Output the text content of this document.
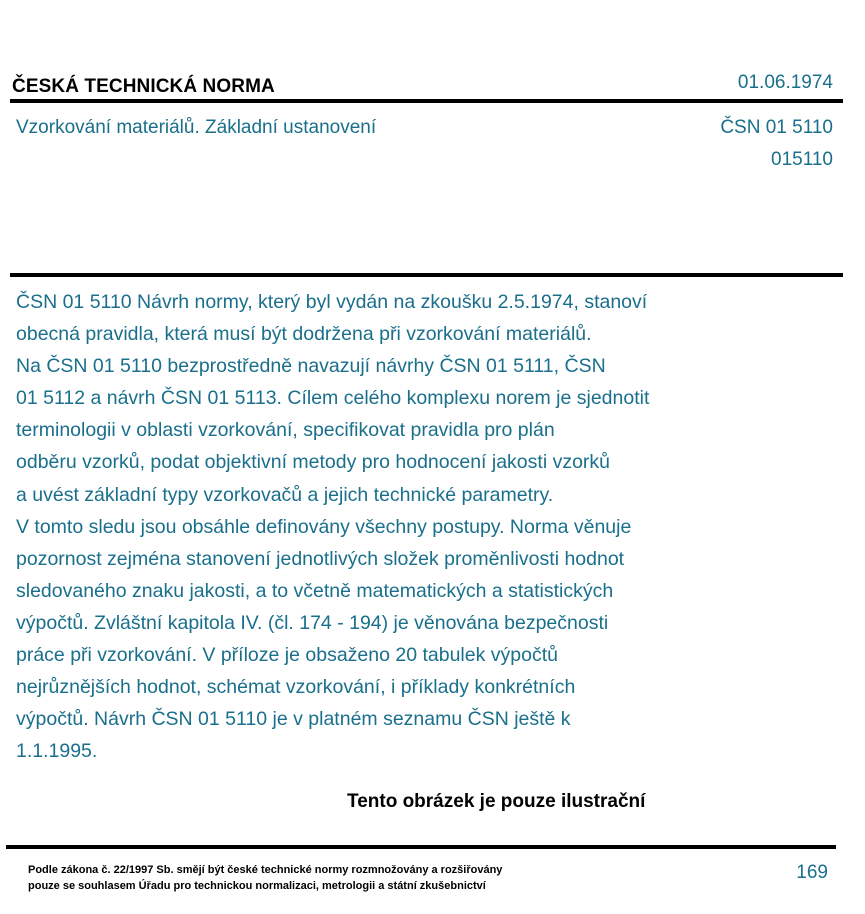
ČESKÁ TECHNICKÁ NORMA	01.06.1974
Vzorkování materiálů. Základní ustanovení	ČSN 01 5110
015110
ČSN 01 5110 Návrh normy, který byl vydán na zkoušku 2.5.1974, stanoví
obecná pravidla, která musí být dodržena při vzorkování materiálů.
Na ČSN 01 5110 bezprostředně navazují návrhy ČSN 01 5111, ČSN
01 5112 a návrh ČSN 01 5113. Cílem celého komplexu norem je sjednotit
terminologii v oblasti vzorkování, specifikovat pravidla pro plán
odběru vzorků, podat objektivní metody pro hodnocení jakosti vzorků
a uvést základní typy vzorkovačů a jejich technické parametry.
V tomto sledu jsou obsáhle definovány všechny postupy. Norma věnuje
pozornost zejména stanovení jednotlivých složek proměnlivosti hodnot
sledovaného znaku jakosti, a to včetně matematických a statistických
výpočtů. Zvláštní kapitola IV. (čl. 174 - 194) je věnována bezpečnosti
práce při vzorkování. V příloze je obsaženo 20 tabulek výpočtů
nejrůznějších hodnot, schémat vzorkování, i příklady konkrétních
výpočtů. Návrh ČSN 01 5110 je v platném seznamu ČSN ještě k
1.1.1995.
Tento obrázek je pouze ilustrační
Podle zákona č. 22/1997 Sb. smějí být české technické normy rozmnožovány a rozšiřovány
pouze se souhlasem Úřadu pro technickou normalizaci, metrologii a státní zkušebnictví
169
